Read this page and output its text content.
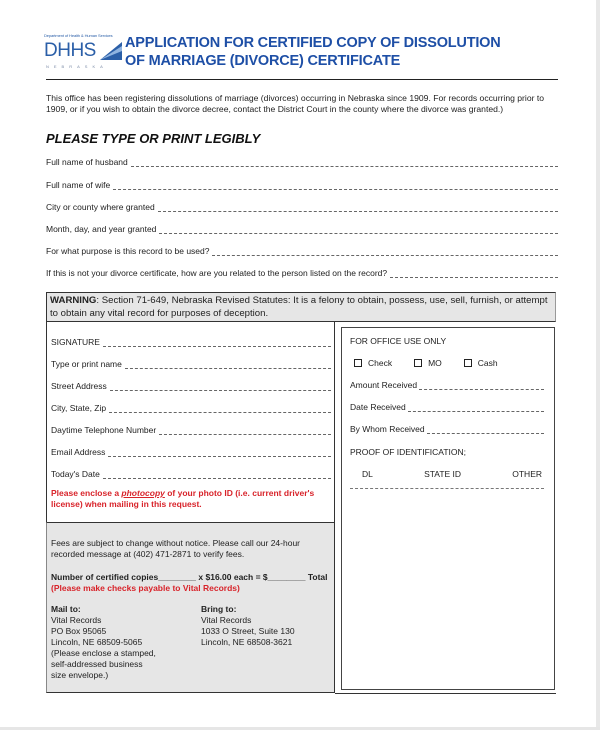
Department of Health & Human Services
DHHS
NEBRASKA
APPLICATION FOR CERTIFIED COPY OF DISSOLUTION
OF MARRIAGE (DIVORCE) CERTIFICATE
This office has been registering dissolutions of marriage (divorces) occurring in Nebraska since 1909. For records occurring prior to 1909, or if you wish to obtain the divorce decree, contact the District Court in the county where the divorce was granted.)
PLEASE TYPE OR PRINT LEGIBLY
Full name of husband
Full name of wife
City or county where granted
Month, day, and year granted
For what purpose is this record to be used?
If this is not your divorce certificate, how are you related to the person listed on the record?
WARNING: Section 71-649, Nebraska Revised Statutes: It is a felony to obtain, possess, use, sell, furnish, or attempt to obtain any vital record for purposes of deception.
SIGNATURE
Type or print name
Street Address
City, State, Zip
Daytime Telephone Number
Email Address
Today's Date
Please enclose a photocopy of your photo ID (i.e. current driver's license) when mailing in this request.
Fees are subject to change without notice. Please call our 24-hour recorded message at (402) 471-2871 to verify fees.
Number of certified copies________ x $16.00 each = $________ Total
(Please make checks payable to Vital Records)
Mail to:
Vital Records
PO Box 95065
Lincoln, NE 68509-5065
(Please enclose a stamped,
self-addressed business
size envelope.)
Bring to:
Vital Records
1033 O Street, Suite 130
Lincoln, NE 68508-3621
FOR OFFICE USE ONLY
Check	MO	Cash
Amount Received
Date Received
By Whom Received
PROOF OF IDENTIFICATION;
DL	STATE ID	OTHER
